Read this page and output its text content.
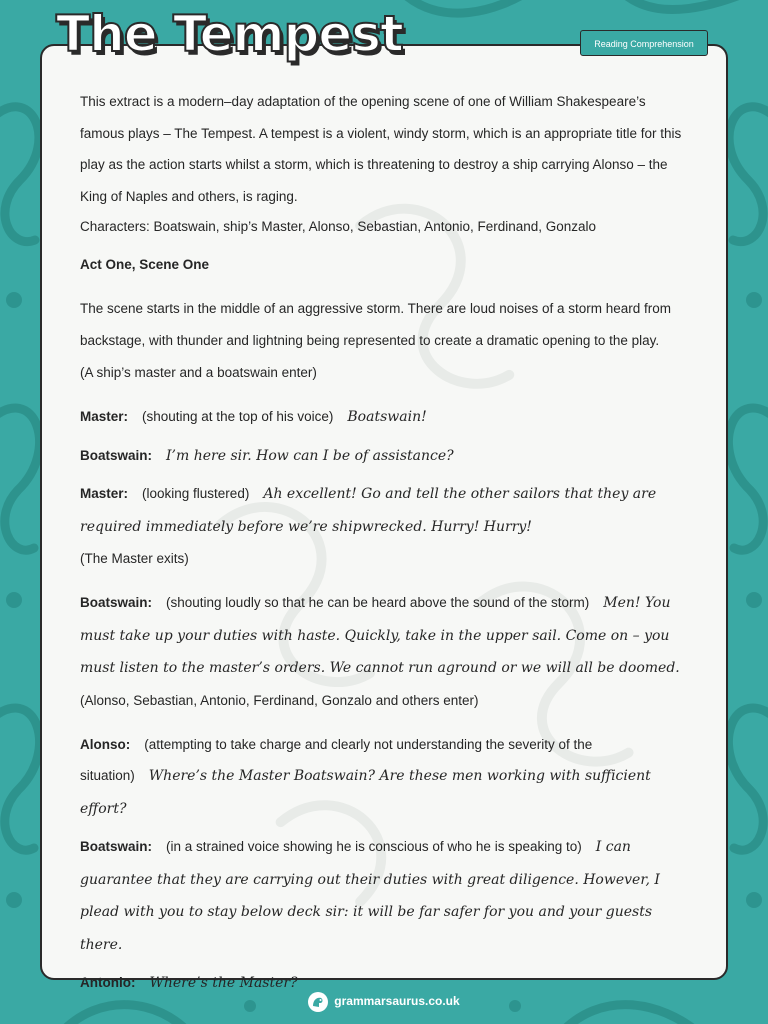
This extract is a modern–day adaptation of the opening scene of one of William Shakespeare’s famous plays – The Tempest. A tempest is a violent, windy storm, which is an appropriate title for this play as the action starts whilst a storm, which is threatening to destroy a ship carrying Alonso – the King of Naples and others, is raging.

Characters: Boatswain, ship’s Master, Alonso, Sebastian, Antonio, Ferdinand, Gonzalo

Act One, Scene One

The scene starts in the middle of an aggressive storm. There are loud noises of a storm heard from backstage, with thunder and lightning being represented to create a dramatic opening to the play.

(A ship’s master and a boatswain enter)

Master: (shouting at the top of his voice) Boatswain!

Boatswain: I’m here sir. How can I be of assistance?

Master: (looking flustered) Ah excellent! Go and tell the other sailors that they are required immediately before we’re shipwrecked. Hurry! Hurry!

(The Master exits)

Boatswain: (shouting loudly so that he can be heard above the sound of the storm) Men! You must take up your duties with haste. Quickly, take in the upper sail. Come on – you must listen to the master’s orders. We cannot run aground or we will all be doomed.

(Alonso, Sebastian, Antonio, Ferdinand, Gonzalo and others enter)

Alonso: (attempting to take charge and clearly not understanding the severity of the situation) Where’s the Master Boatswain? Are these men working with sufficient effort?

Boatswain: (in a strained voice showing he is conscious of who he is speaking to) I can guarantee that they are carrying out their duties with great diligence. However, I plead with you to stay below deck sir: it will be far safer for you and your guests there.

Antonio: Where’s the Master?

The Tempest	Reading Comprehension
grammarsaurus.co.uk
